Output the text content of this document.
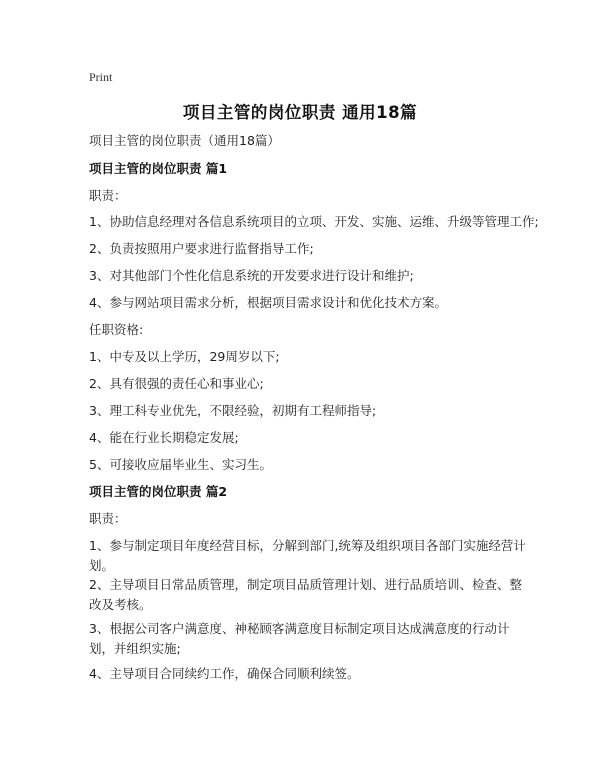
Print
项目主管的岗位职责 通用18篇
项目主管的岗位职责（通用18篇）
项目主管的岗位职责 篇1
职责：
1、协助信息经理对各信息系统项目的立项、开发、实施、运维、升级等管理工作;
2、负责按照用户要求进行监督指导工作;
3、对其他部门个性化信息系统的开发要求进行设计和维护;
4、参与网站项目需求分析，根据项目需求设计和优化技术方案。
任职资格:
1、中专及以上学历，29周岁以下;
2、具有很强的责任心和事业心;
3、理工科专业优先，不限经验，初期有工程师指导;
4、能在行业长期稳定发展;
5、可接收应届毕业生、实习生。
项目主管的岗位职责 篇2
职责：
1、参与制定项目年度经营目标，分解到部门,统筹及组织项目各部门实施经营计划。
2、主导项目日常品质管理，制定项目品质管理计划、进行品质培训、检查、整改及考核。
3、根据公司客户满意度、神秘顾客满意度目标制定项目达成满意度的行动计划，并组织实施;
4、主导项目合同续约工作，确保合同顺利续签。
